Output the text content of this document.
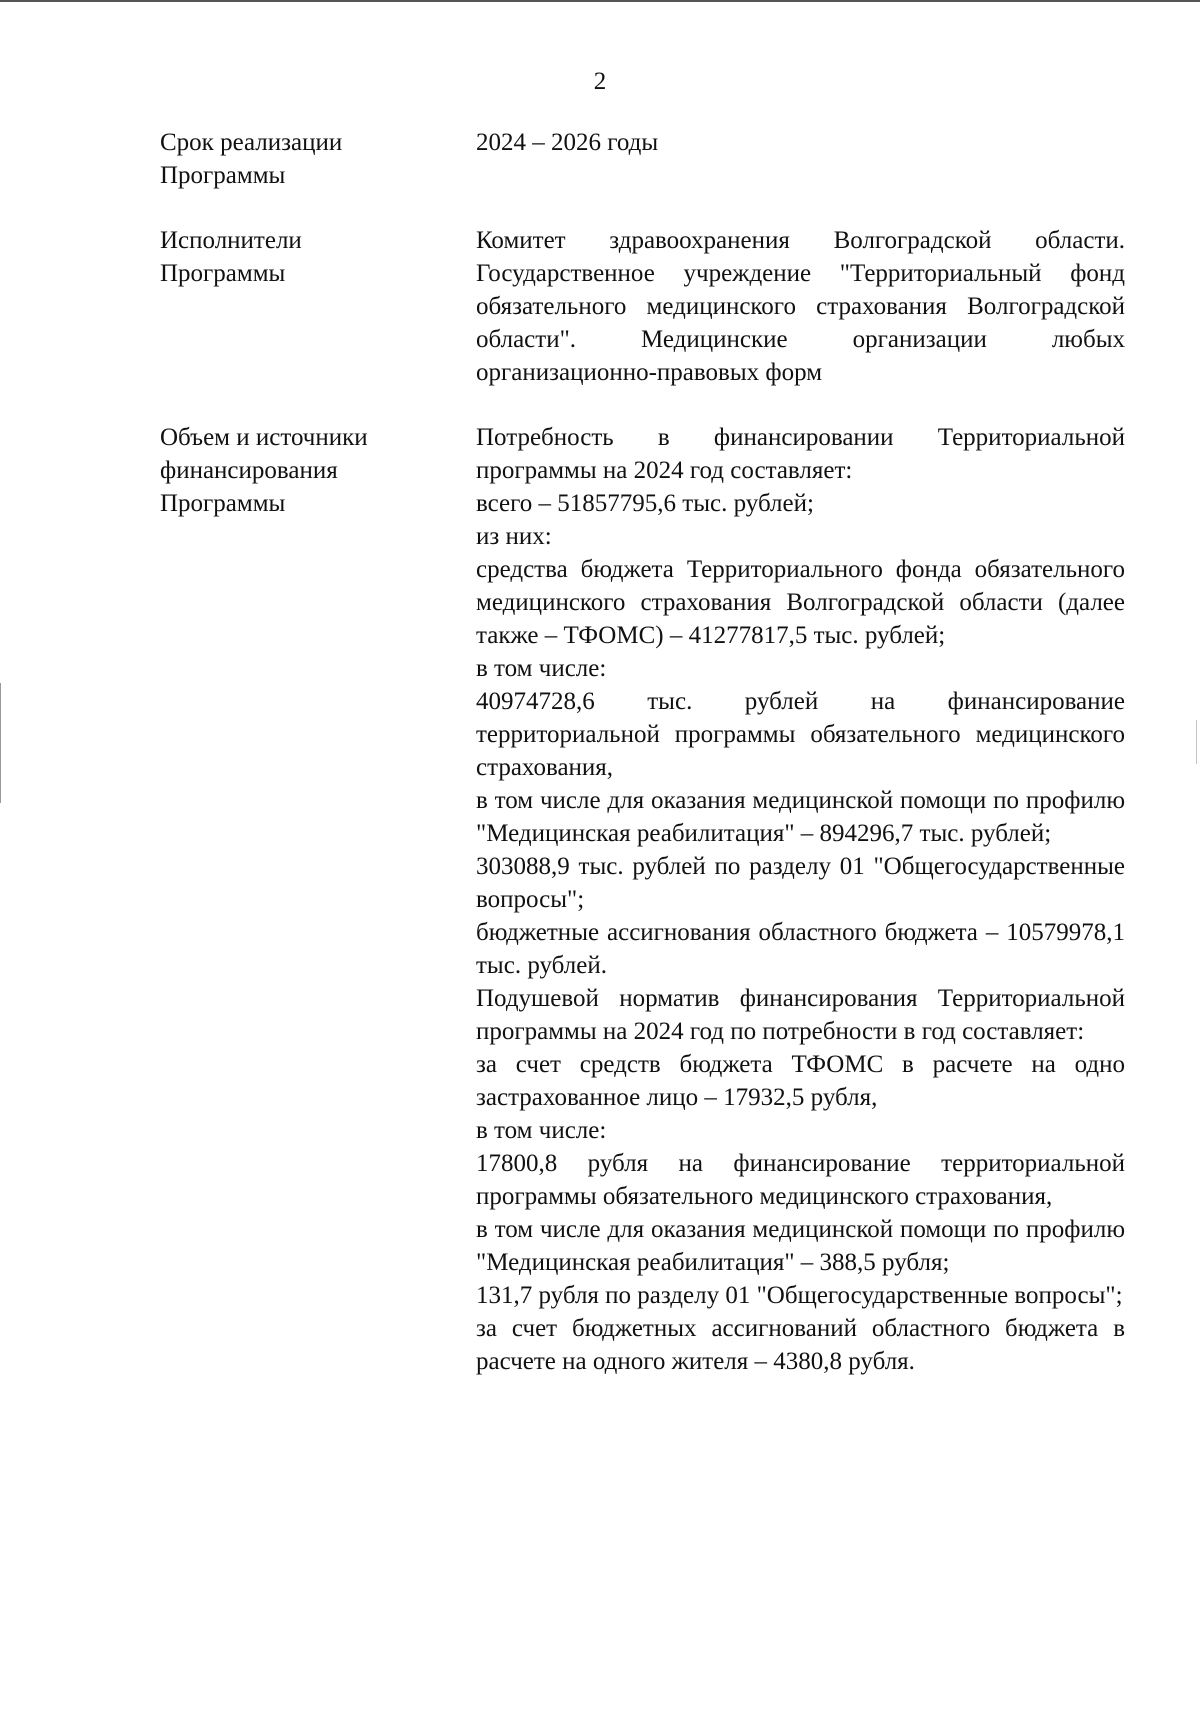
2
Срок реализации
Программы

2024 – 2026 годы

Исполнители
Программы

Комитет здравоохранения Волгоградской области. Государственное учреждение "Территориальный фонд обязательного медицинского страхования Волгоградской области". Медицинские организации любых организационно-правовых форм

Объем и источники
финансирования
Программы

Потребность в финансировании Территориальной программы на 2024 год составляет:

всего – 51857795,6 тыс. рублей;

из них:

средства бюджета Территориального фонда обязательного медицинского страхования Волгоградской области (далее также – ТФОМС) – 41277817,5 тыс. рублей;

в том числе:

40974728,6 тыс. рублей на финансирование территориальной программы обязательного медицинского страхования,

в том числе для оказания медицинской помощи по профилю "Медицинская реабилитация" – 894296,7 тыс. рублей;

303088,9 тыс. рублей по разделу 01 "Общегосударственные вопросы";

бюджетные ассигнования областного бюджета – 10579978,1 тыс. рублей.

Подушевой норматив финансирования Территориальной программы на 2024 год по потребности в год составляет:

за счет средств бюджета ТФОМС в расчете на одно застрахованное лицо – 17932,5 рубля,

в том числе:

17800,8 рубля на финансирование территориальной программы обязательного медицинского страхования,

в том числе для оказания медицинской помощи по профилю "Медицинская реабилитация" – 388,5 рубля;

131,7 рубля по разделу 01 "Общегосударственные вопросы";

за счет бюджетных ассигнований областного бюджета в расчете на одного жителя – 4380,8 рубля.
